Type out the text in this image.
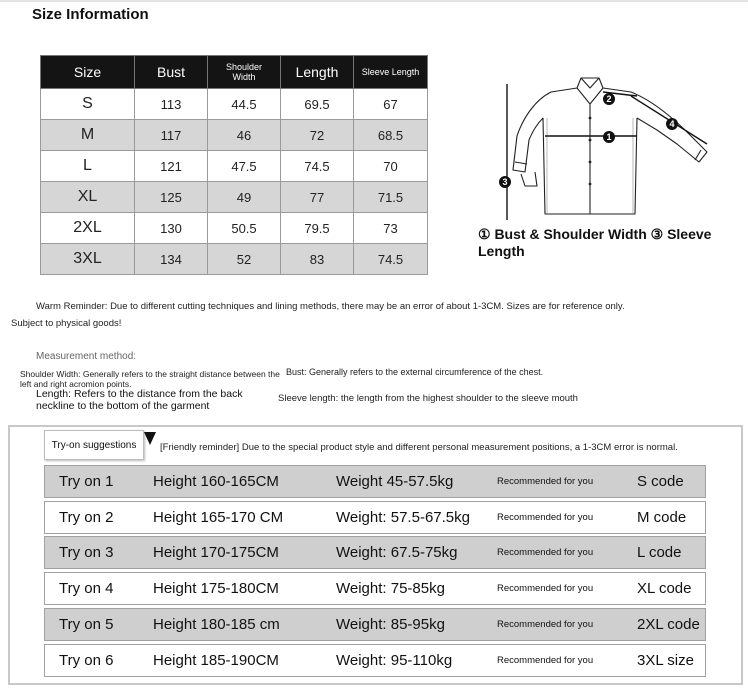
Size Information
Size	Bust	Shoulder Width	Length	Sleeve Length
S	113	44.5	69.5	67
M	117	46	72	68.5
L	121	47.5	74.5	70
XL	125	49	77	71.5
2XL	130	50.5	79.5	73
3XL	134	52	83	74.5
1
2
3
4
① Bust & Shoulder Width ③ Sleeve Length
Warm Reminder: Due to different cutting techniques and lining methods, there may be an error of about 1-3CM. Sizes are for reference only.
Subject to physical goods!
Measurement method:
Shoulder Width: Generally refers to the straight distance between the left and right acromion points.
Bust: Generally refers to the external circumference of the chest.
Length: Refers to the distance from the back neckline to the bottom of the garment
Sleeve length: the length from the highest shoulder to the sleeve mouth
Try-on suggestions	[Friendly reminder] Due to the special product style and different personal measurement positions, a 1-3CM error is normal.
Try on 1	Height 160-165CM	Weight 45-57.5kg	Recommended for you	S code
Try on 2	Height 165-170 CM	Weight: 57.5-67.5kg	Recommended for you	M code
Try on 3	Height 170-175CM	Weight: 67.5-75kg	Recommended for you	L code
Try on 4	Height 175-180CM	Weight: 75-85kg	Recommended for you	XL code
Try on 5	Height 180-185 cm	Weight: 85-95kg	Recommended for you	2XL code
Try on 6	Height 185-190CM	Weight: 95-110kg	Recommended for you	3XL size
